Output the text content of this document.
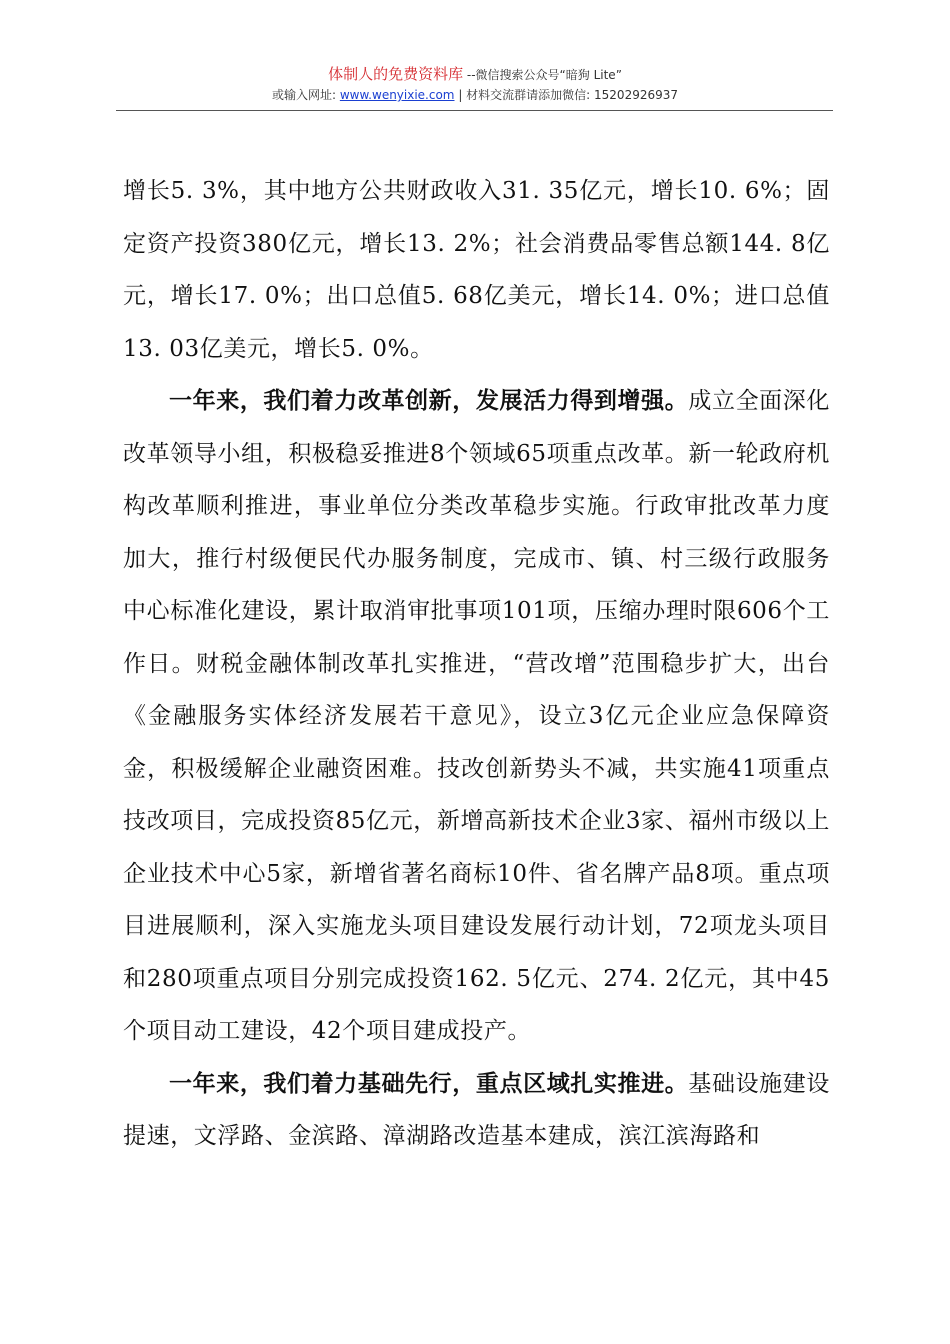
体制人的免费资料库 --微信搜索公众号“暗狗 Lite”
或输入网址: www.wenyixie.com | 材料交流群请添加微信: 15202926937

增长5. 3%，其中地方公共财政收入31. 35亿元，增长10. 6%；固定资产投资380亿元，增长13. 2%；社会消费品零售总额144. 8亿元，增长17. 0%；出口总值5. 68亿美元，增长14. 0%；进口总值13. 03亿美元，增长5. 0%。

一年来，我们着力改革创新，发展活力得到增强。成立全面深化改革领导小组，积极稳妥推进8个领域65项重点改革。新一轮政府机构改革顺利推进，事业单位分类改革稳步实施。行政审批改革力度加大，推行村级便民代办服务制度，完成市、镇、村三级行政服务中心标准化建设，累计取消审批事项101项，压缩办理时限606个工作日。财税金融体制改革扎实推进，“营改增”范围稳步扩大，出台《金融服务实体经济发展若干意见》，设立3亿元企业应急保障资金，积极缓解企业融资困难。技改创新势头不减，共实施41项重点技改项目，完成投资85亿元，新增高新技术企业3家、福州市级以上企业技术中心5家，新增省著名商标10件、省名牌产品8项。重点项目进展顺利，深入实施龙头项目建设发展行动计划，72项龙头项目和280项重点项目分别完成投资162. 5亿元、274. 2亿元，其中45个项目动工建设，42个项目建成投产。

一年来，我们着力基础先行，重点区域扎实推进。基础设施建设提速，文浮路、金滨路、漳湖路改造基本建成，滨江滨海路和
